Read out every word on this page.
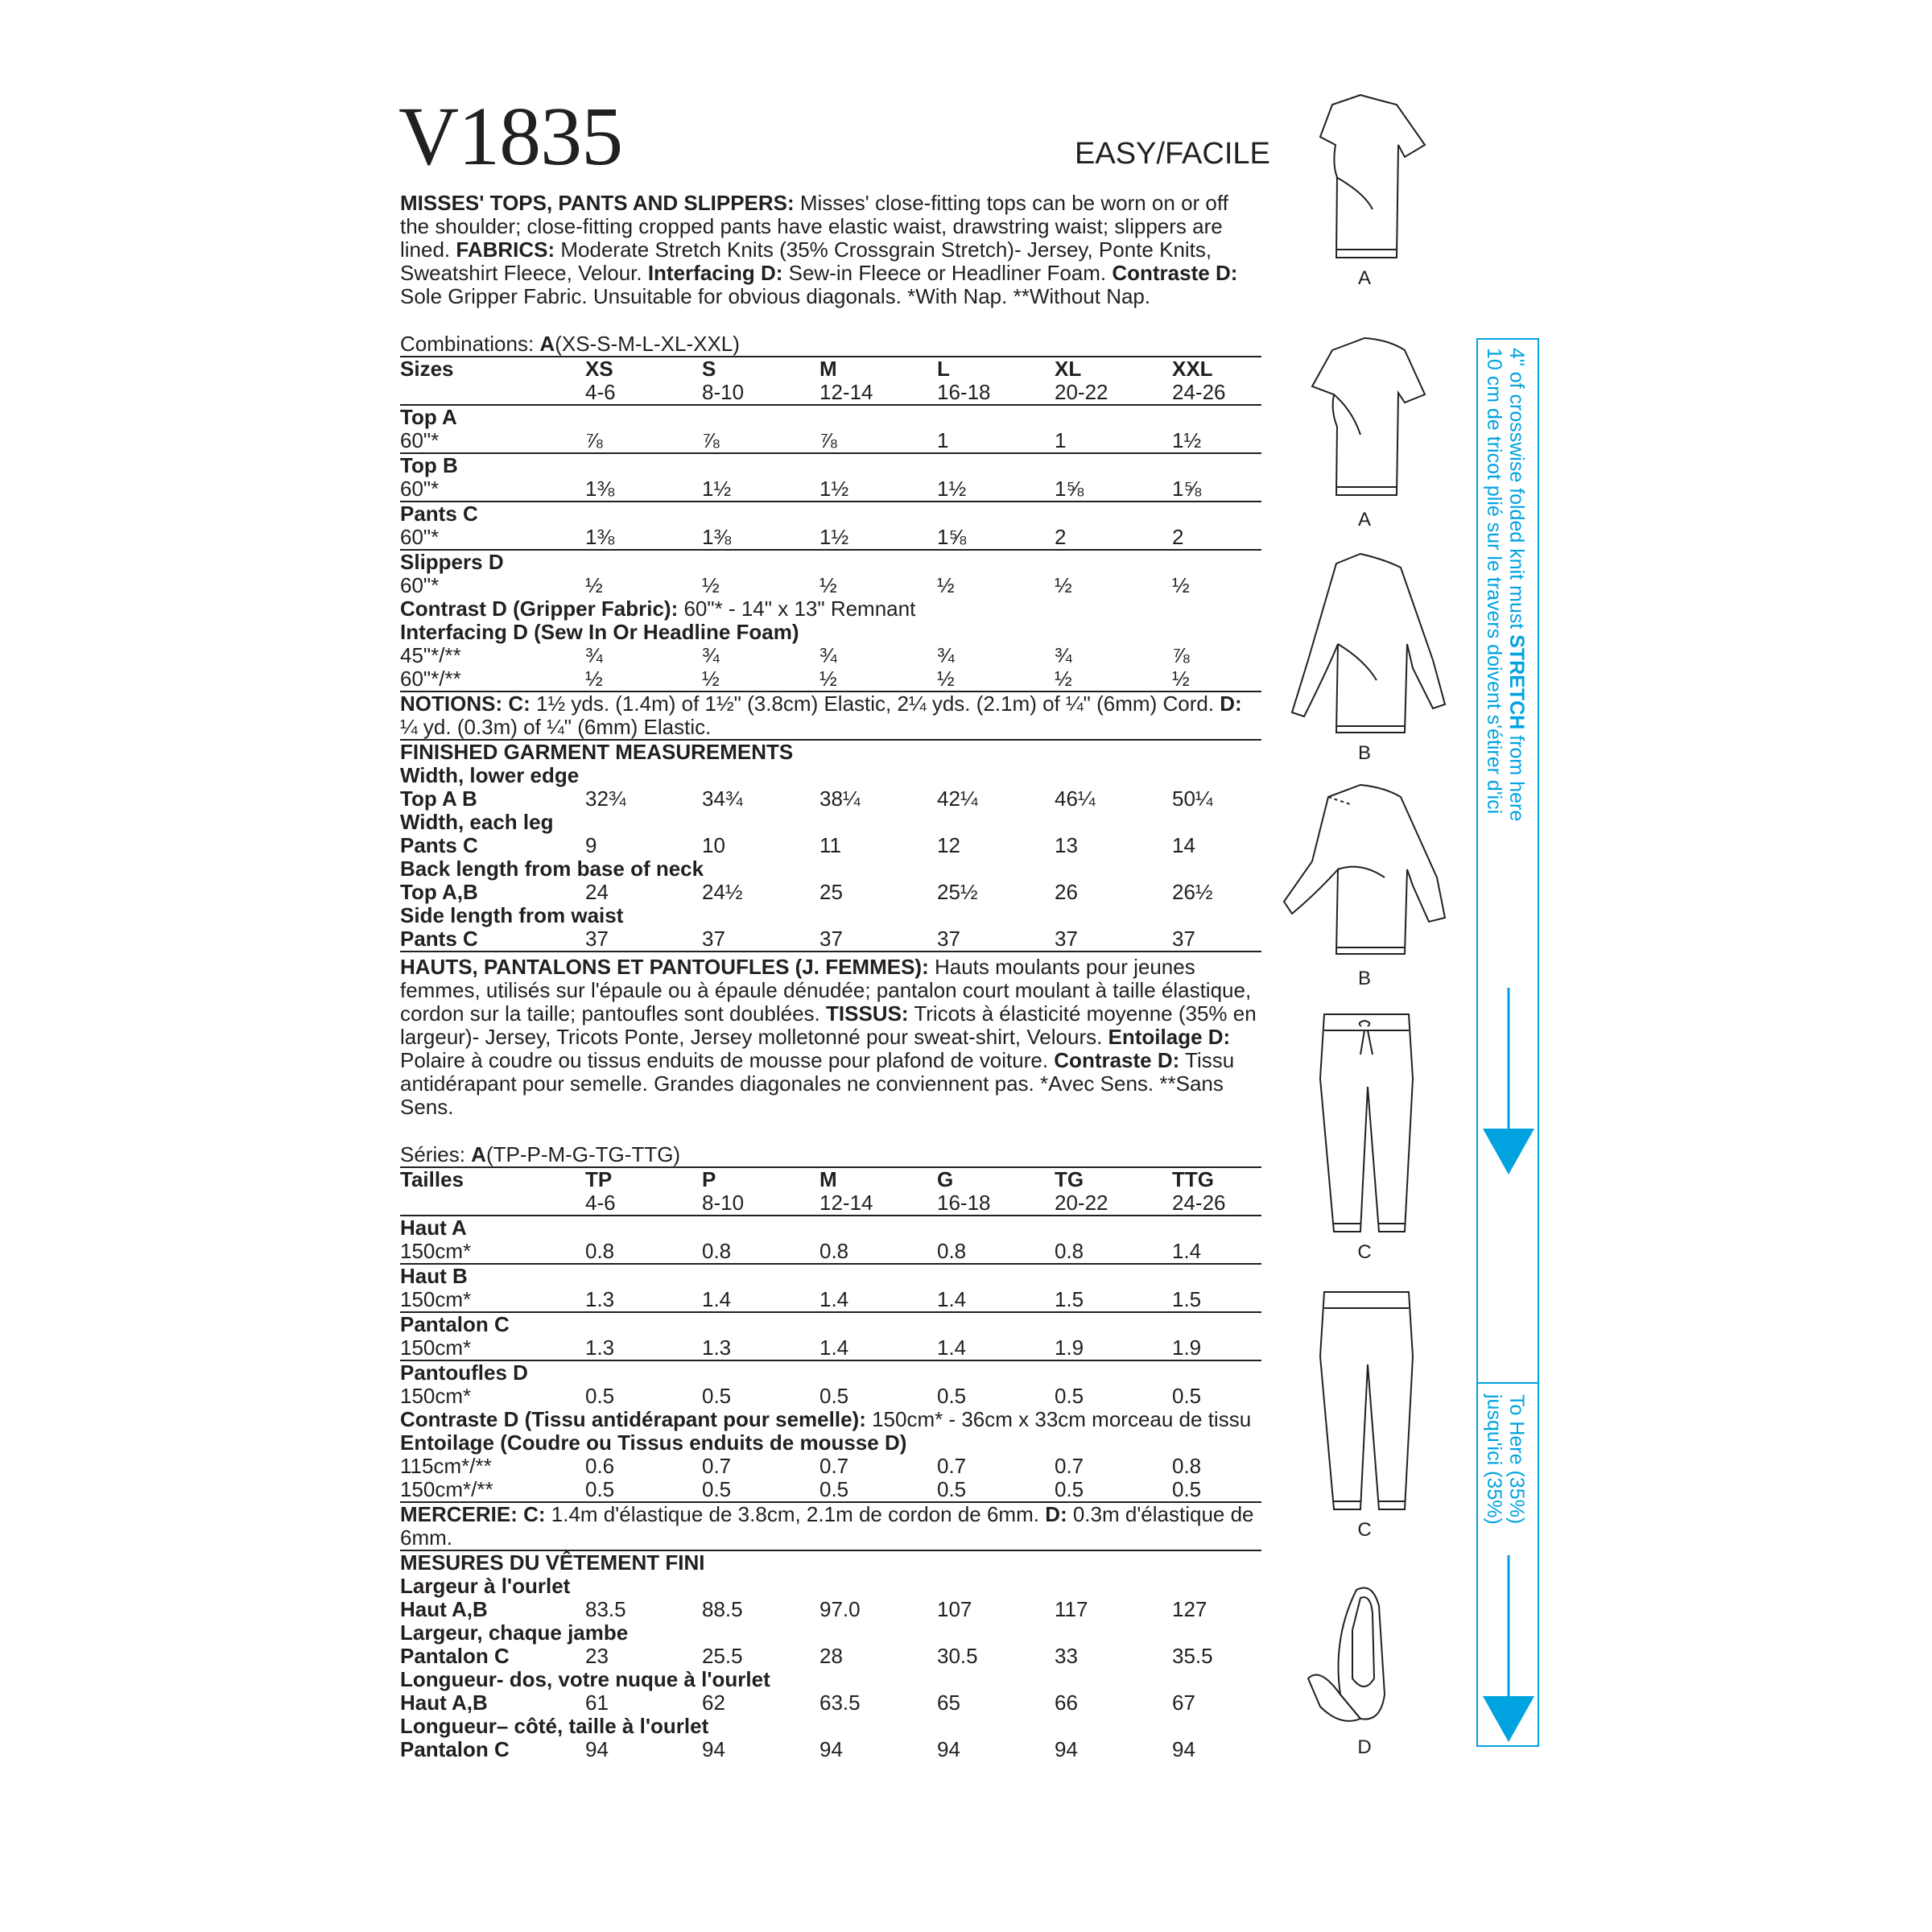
V1835	EASY/FACILE

MISSES' TOPS, PANTS AND SLIPPERS: Misses' close-fitting tops can be worn on or off the shoulder; close-fitting cropped pants have elastic waist, drawstring waist; slippers are lined. FABRICS: Moderate Stretch Knits (35% Crossgrain Stretch)- Jersey, Ponte Knits, Sweatshirt Fleece, Velour. Interfacing D: Sew-in Fleece or Headliner Foam. Contraste D: Sole Gripper Fabric. Unsuitable for obvious diagonals. *With Nap. **Without Nap.

Combinations: A(XS-S-M-L-XL-XXL)
Sizes	XS	S	M	L	XL	XXL
4-6	8-10	12-14	16-18	20-22	24-26
Top A
60"*	⅞	⅞	⅞	1	1	1½
Top B
60"*	1⅜	1½	1½	1½	1⅝	1⅝
Pants C
60"*	1⅜	1⅜	1½	1⅝	2	2
Slippers D
60"*	½	½	½	½	½	½
Contrast D (Gripper Fabric): 60"* - 14" x 13" Remnant
Interfacing D (Sew In Or Headline Foam)
45"*/**	¾	¾	¾	¾	¾	⅞
60"*/**	½	½	½	½	½	½
NOTIONS: C: 1½ yds. (1.4m) of 1½" (3.8cm) Elastic, 2¼ yds. (2.1m) of ¼" (6mm) Cord. D: ¼ yd. (0.3m) of ¼" (6mm) Elastic.
FINISHED GARMENT MEASUREMENTS
Width, lower edge
Top A B	32¾	34¾	38¼	42¼	46¼	50¼
Width, each leg
Pants C	9	10	11	12	13	14
Back length from base of neck
Top A,B	24	24½	25	25½	26	26½
Side length from waist
Pants C	37	37	37	37	37	37

HAUTS, PANTALONS ET PANTOUFLES (J. FEMMES): Hauts moulants pour jeunes femmes, utilisés sur l'épaule ou à épaule dénudée; pantalon court moulant à taille élastique, cordon sur la taille; pantoufles sont doublées. TISSUS: Tricots à élasticité moyenne (35% en largeur)- Jersey, Tricots Ponte, Jersey molletonné pour sweat-shirt, Velours. Entoilage D: Polaire à coudre ou tissus enduits de mousse pour plafond de voiture. Contraste D: Tissu antidérapant pour semelle. Grandes diagonales ne conviennent pas. *Avec Sens. **Sans Sens.

Séries: A(TP-P-M-G-TG-TTG)
Tailles	TP	P	M	G	TG	TTG
4-6	8-10	12-14	16-18	20-22	24-26
Haut A
150cm*	0.8	0.8	0.8	0.8	0.8	1.4
Haut B
150cm*	1.3	1.4	1.4	1.4	1.5	1.5
Pantalon C
150cm*	1.3	1.3	1.4	1.4	1.9	1.9
Pantoufles D
150cm*	0.5	0.5	0.5	0.5	0.5	0.5
Contraste D (Tissu antidérapant pour semelle): 150cm* - 36cm x 33cm morceau de tissu
Entoilage (Coudre ou Tissus enduits de mousse D)
115cm*/**	0.6	0.7	0.7	0.7	0.7	0.8
150cm*/**	0.5	0.5	0.5	0.5	0.5	0.5
MERCERIE: C: 1.4m d'élastique de 3.8cm, 2.1m de cordon de 6mm. D: 0.3m d'élastique de 6mm.
MESURES DU VÊTEMENT FINI
Largeur à l'ourlet
Haut A,B	83.5	88.5	97.0	107	117	127
Largeur, chaque jambe
Pantalon C	23	25.5	28	30.5	33	35.5
Longueur- dos, votre nuque à l'ourlet
Haut A,B	61	62	63.5	65	66	67
Longueur– côté, taille à l'ourlet
Pantalon C	94	94	94	94	94	94
A
A
B
B
C
C
D
4" of crosswise folded knit must STRETCH from here
10 cm de tricot plié sur le travers doivent s'étirer d'ici
To Here (35%)
jusqu'ici (35%)
